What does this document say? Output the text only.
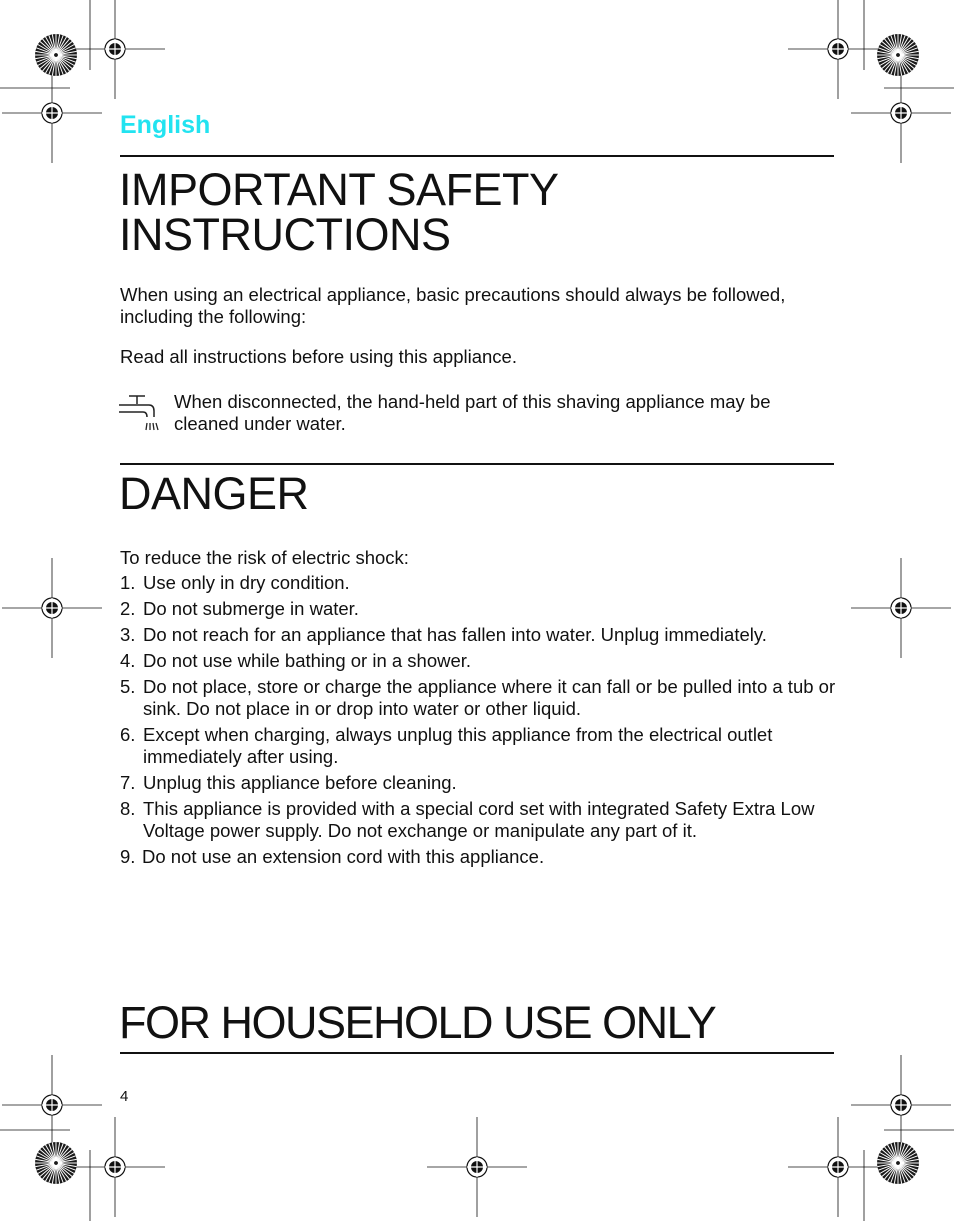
English
IMPORTANT SAFETY
INSTRUCTIONS
When using an electrical appliance, basic precautions should always be followed, including the following:
Read all instructions before using this appliance.
When disconnected, the hand-held part of this shaving appliance may be cleaned under water.
DANGER
To reduce the risk of electric shock:
1. Use only in dry condition.
2. Do not submerge in water.
3. Do not reach for an appliance that has fallen into water. Unplug immediately.
4. Do not use while bathing or in a shower.
5. Do not place, store or charge the appliance where it can fall or be pulled into a tub or sink. Do not place in or drop into water or other liquid.
6. Except when charging, always unplug this appliance from the electrical outlet immediately after using.
7. Unplug this appliance before cleaning.
8. This appliance is provided with a special cord set with integrated Safety Extra Low Voltage power supply. Do not exchange or manipulate any part of it.
9. Do not use an extension cord with this appliance.
FOR HOUSEHOLD USE ONLY
4
